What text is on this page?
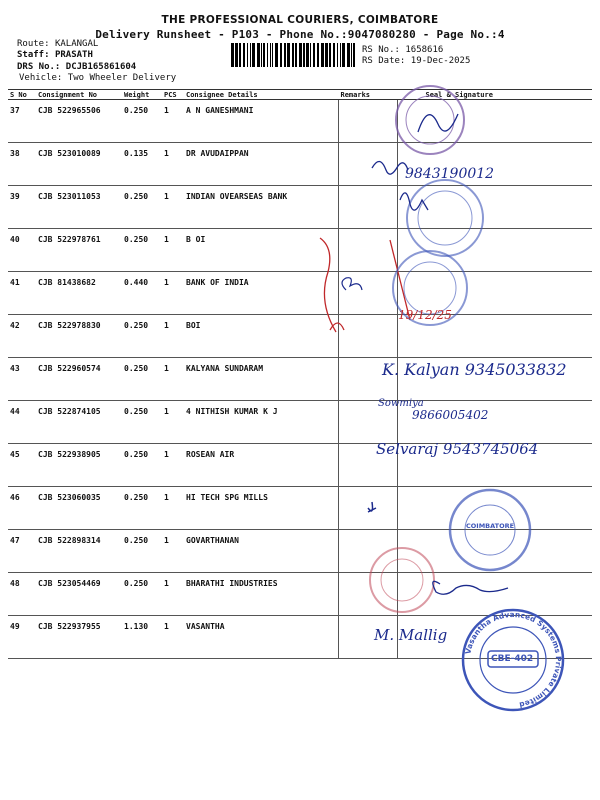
THE PROFESSIONAL COURIERS, COIMBATORE
Delivery Runsheet - P103 - Phone No.:9047080280 - Page No.:4
Route: KALANGAL
Staff: PRASATH
DRS No.: DCJB165861604
Vehicle: Two Wheeler Delivery
RS No.: 1658616
RS Date: 19-Dec-2025
S No	Consignment No	Weight	PCS	Consignee Details	Remarks	Seal & Signature
37	CJB 522965506	0.250	1	A N GANESHMANI		
38	CJB 523010089	0.135	1	DR AVUDAIPPAN		
39	CJB 523011053	0.250	1	INDIAN OVEARSEAS BANK		
40	CJB 522978761	0.250	1	B OI		
41	CJB 81438682	0.440	1	BANK OF INDIA		
42	CJB 522978830	0.250	1	BOI		
43	CJB 522960574	0.250	1	KALYANA SUNDARAM		
44	CJB 522874105	0.250	1	4 NITHISH KUMAR K J		
45	CJB 522938905	0.250	1	ROSEAN AIR		
46	CJB 523060035	0.250	1	HI TECH SPG MILLS		
47	CJB 522898314	0.250	1	GOVARTHANAN		
48	CJB 523054469	0.250	1	BHARATHI INDUSTRIES		
49	CJB 522937955	1.130	1	VASANTHA		
Vasantha Advanced Systems Private Limited
COIMBATORE
CBE-402
9843190012
19/12/25
K. Kalyan 9345033832
Sowmiya
9866005402
Selvaraj 9543745064
M. Mallig
